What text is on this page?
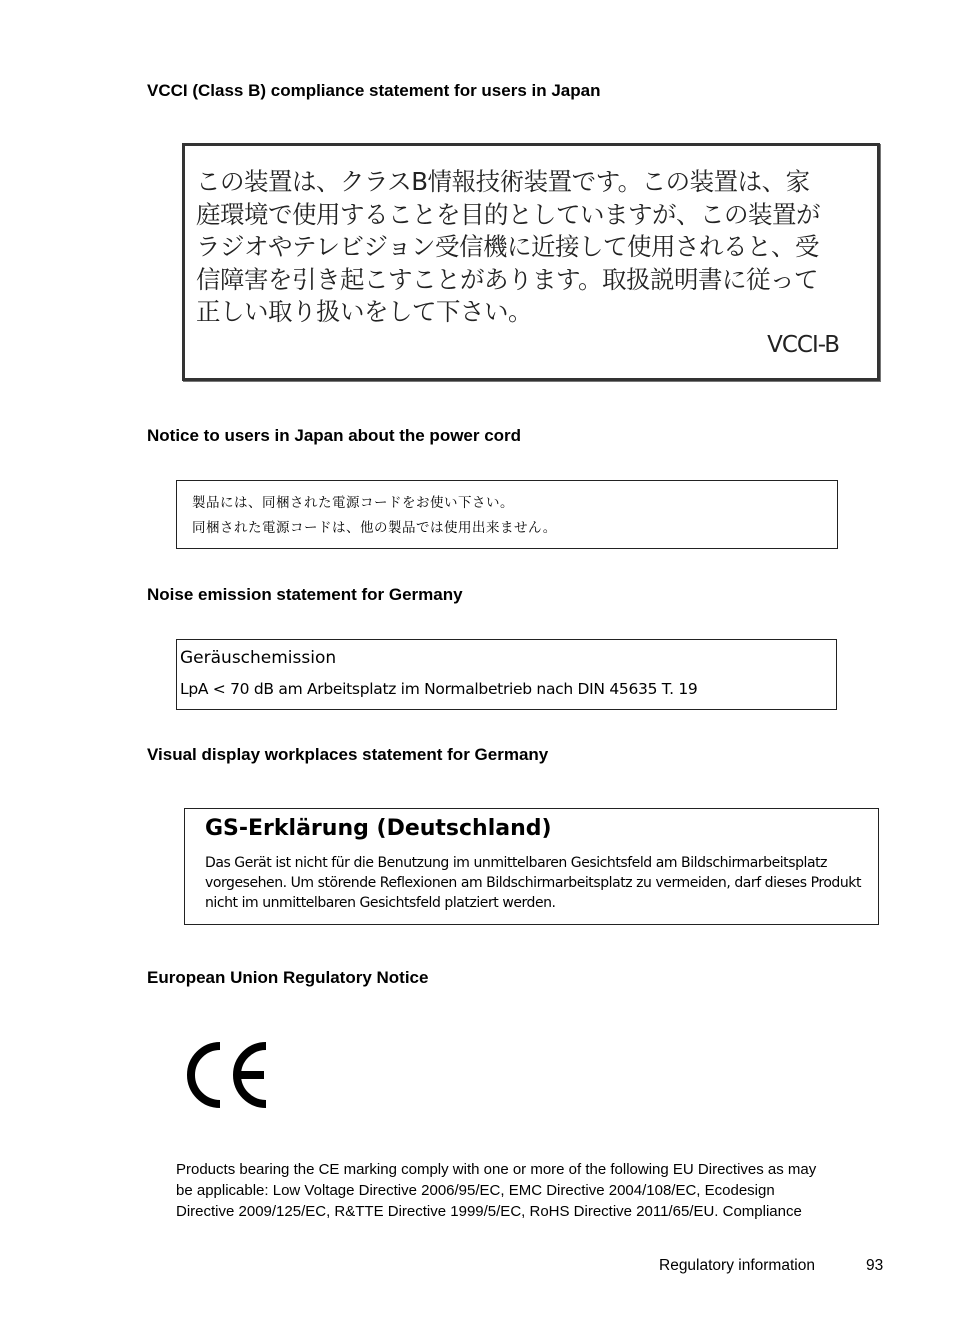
VCCI (Class B) compliance statement for users in Japan
この装置は、クラスB情報技術装置です。この装置は、家
庭環境で使用することを目的としていますが、この装置が
ラジオやテレビジョン受信機に近接して使用されると、受
信障害を引き起こすことがあります。取扱説明書に従って
正しい取り扱いをして下さい。
VCCI-B
Notice to users in Japan about the power cord
製品には、同梱された電源コードをお使い下さい。
同梱された電源コードは、他の製品では使用出来ません。
Noise emission statement for Germany
Geräuschemission
LpA < 70 dB am Arbeitsplatz im Normalbetrieb nach DIN 45635 T. 19
Visual display workplaces statement for Germany
GS-Erklärung (Deutschland)
Das Gerät ist nicht für die Benutzung im unmittelbaren Gesichtsfeld am Bildschirmarbeitsplatz
vorgesehen. Um störende Reflexionen am Bildschirmarbeitsplatz zu vermeiden, darf dieses Produkt
nicht im unmittelbaren Gesichtsfeld platziert werden.
European Union Regulatory Notice
Products bearing the CE marking comply with one or more of the following EU Directives as may
be applicable: Low Voltage Directive 2006/95/EC, EMC Directive 2004/108/EC, Ecodesign
Directive 2009/125/EC, R&TTE Directive 1999/5/EC, RoHS Directive 2011/65/EU. Compliance
Regulatory information	93
